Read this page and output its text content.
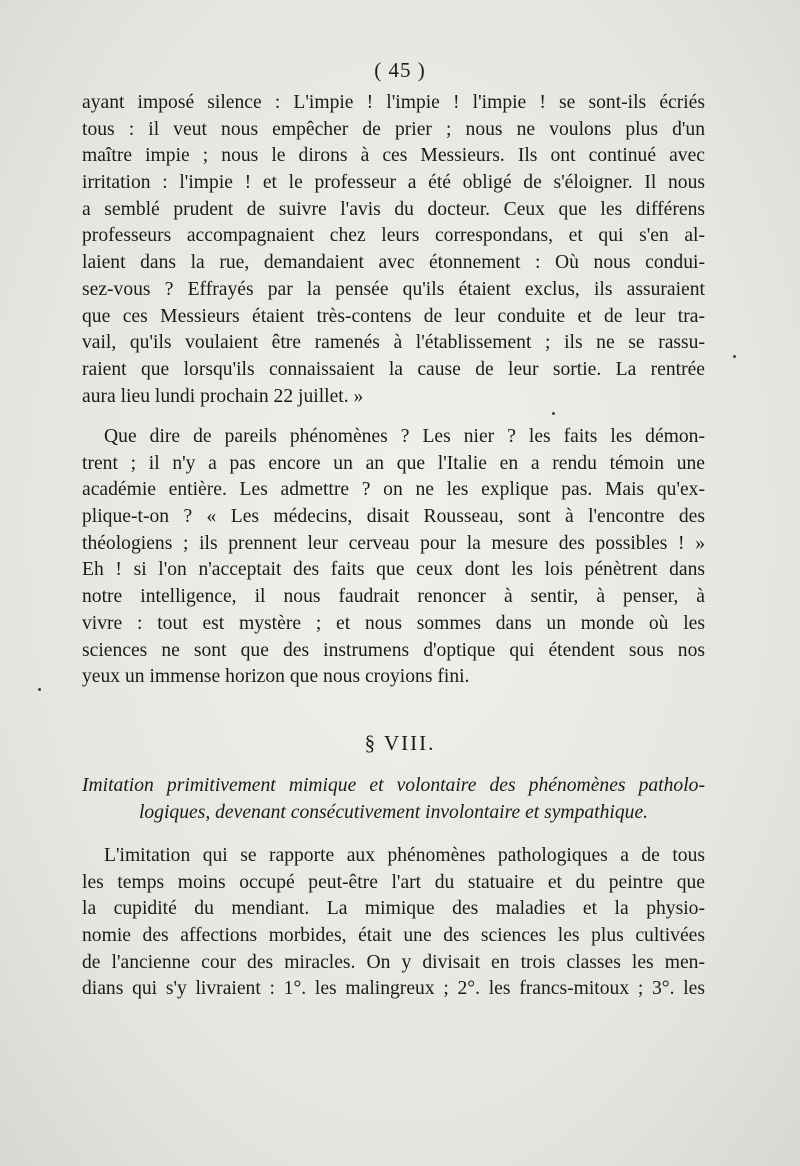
( 45 )
ayant imposé silence : L'impie ! l'impie ! l'impie ! se sont-ils écriés
tous : il veut nous empêcher de prier ; nous ne voulons plus d'un
maître impie ; nous le dirons à ces Messieurs. Ils ont continué avec
irritation : l'impie ! et le professeur a été obligé de s'éloigner. Il nous
a semblé prudent de suivre l'avis du docteur. Ceux que les différens
professeurs accompagnaient chez leurs correspondans, et qui s'en al-
laient dans la rue, demandaient avec étonnement : Où nous condui-
sez-vous ? Effrayés par la pensée qu'ils étaient exclus, ils assuraient
que ces Messieurs étaient très-contens de leur conduite et de leur tra-
vail, qu'ils voulaient être ramenés à l'établissement ; ils ne se rassu-
raient que lorsqu'ils connaissaient la cause de leur sortie. La rentrée
aura lieu lundi prochain 22 juillet. »
Que dire de pareils phénomènes ? Les nier ? les faits les démon-
trent ; il n'y a pas encore un an que l'Italie en a rendu témoin une
académie entière. Les admettre ? on ne les explique pas. Mais qu'ex-
plique-t-on ? « Les médecins, disait Rousseau, sont à l'encontre des
théologiens ; ils prennent leur cerveau pour la mesure des possibles ! »
Eh ! si l'on n'acceptait des faits que ceux dont les lois pénètrent dans
notre intelligence, il nous faudrait renoncer à sentir, à penser, à
vivre : tout est mystère ; et nous sommes dans un monde où les
sciences ne sont que des instrumens d'optique qui étendent sous nos
yeux un immense horizon que nous croyions fini.
§ VIII.
Imitation primitivement mimique et volontaire des phénomènes patholo-
logiques, devenant consécutivement involontaire et sympathique.
L'imitation qui se rapporte aux phénomènes pathologiques a de tous
les temps moins occupé peut-être l'art du statuaire et du peintre que
la cupidité du mendiant. La mimique des maladies et la physio-
nomie des affections morbides, était une des sciences les plus cultivées
de l'ancienne cour des miracles. On y divisait en trois classes les men-
dians qui s'y livraient : 1°. les malingreux ; 2°. les francs-mitoux ; 3°. les
